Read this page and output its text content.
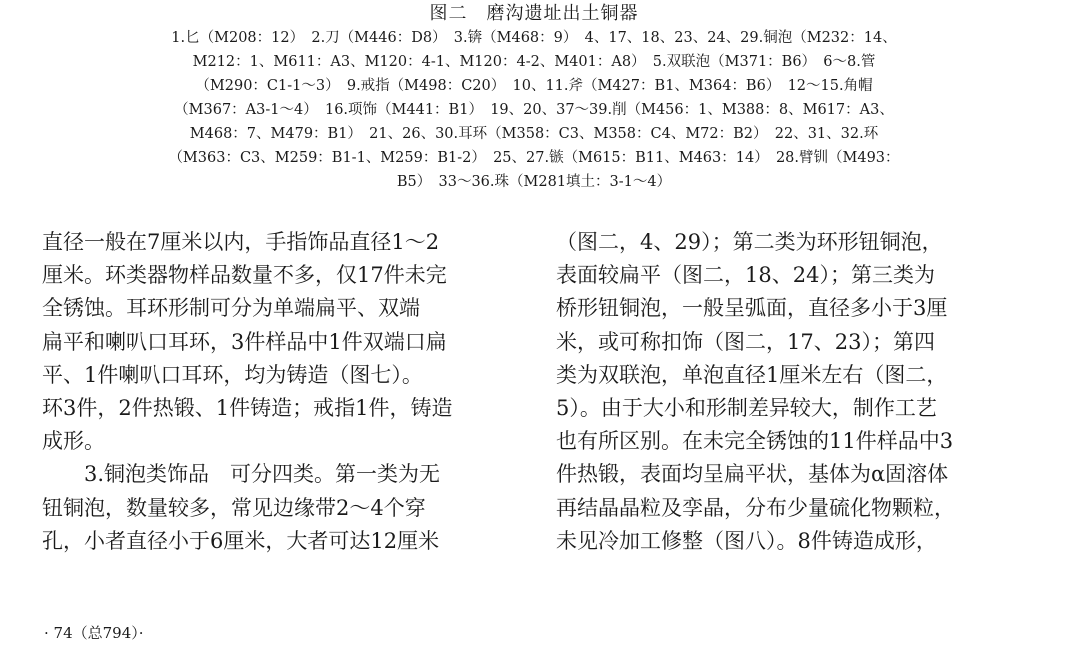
图二　磨沟遗址出土铜器
1.匕（M208：12）　2.刀（M446：D8）　3.锛（M468：9）　4、17、18、23、24、29.铜泡（M232：14、
M212：1、M611：A3、M120：4-1、M120：4-2、M401：A8）　5.双联泡（M371：B6）　6～8.管
（M290：C1-1～3）　9.戒指（M498：C20）　10、11.斧（M427：B1、M364：B6）　12～15.角帽
（M367：A3-1～4）　16.项饰（M441：B1）　19、20、37～39.削（M456：1、M388：8、M617：A3、
M468：7、M479：B1）　21、26、30.耳环（M358：C3、M358：C4、M72：B2）　22、31、32.环
（M363：C3、M259：B1-1、M259：B1-2）　25、27.镞（M615：B11、M463：14）　28.臂钏（M493：
B5）　33～36.珠（M281填土：3-1～4）
直径一般在7厘米以内，手指饰品直径1～2
厘米。环类器物样品数量不多，仅17件未完
全锈蚀。耳环形制可分为单端扁平、双端
扁平和喇叭口耳环，3件样品中1件双端口扁
平、1件喇叭口耳环，均为铸造（图七）。
环3件，2件热锻、1件铸造；戒指1件，铸造
成形。
3.铜泡类饰品　可分四类。第一类为无
钮铜泡，数量较多，常见边缘带2～4个穿
孔，小者直径小于6厘米，大者可达12厘米
（图二，4、29）；第二类为环形钮铜泡，
表面较扁平（图二，18、24）；第三类为
桥形钮铜泡，一般呈弧面，直径多小于3厘
米，或可称扣饰（图二，17、23）；第四
类为双联泡，单泡直径1厘米左右（图二，
5）。由于大小和形制差异较大，制作工艺
也有所区别。在未完全锈蚀的11件样品中3
件热锻，表面均呈扁平状，基体为α固溶体
再结晶晶粒及孪晶，分布少量硫化物颗粒，
未见冷加工修整（图八）。8件铸造成形，
· 74（总794）·
